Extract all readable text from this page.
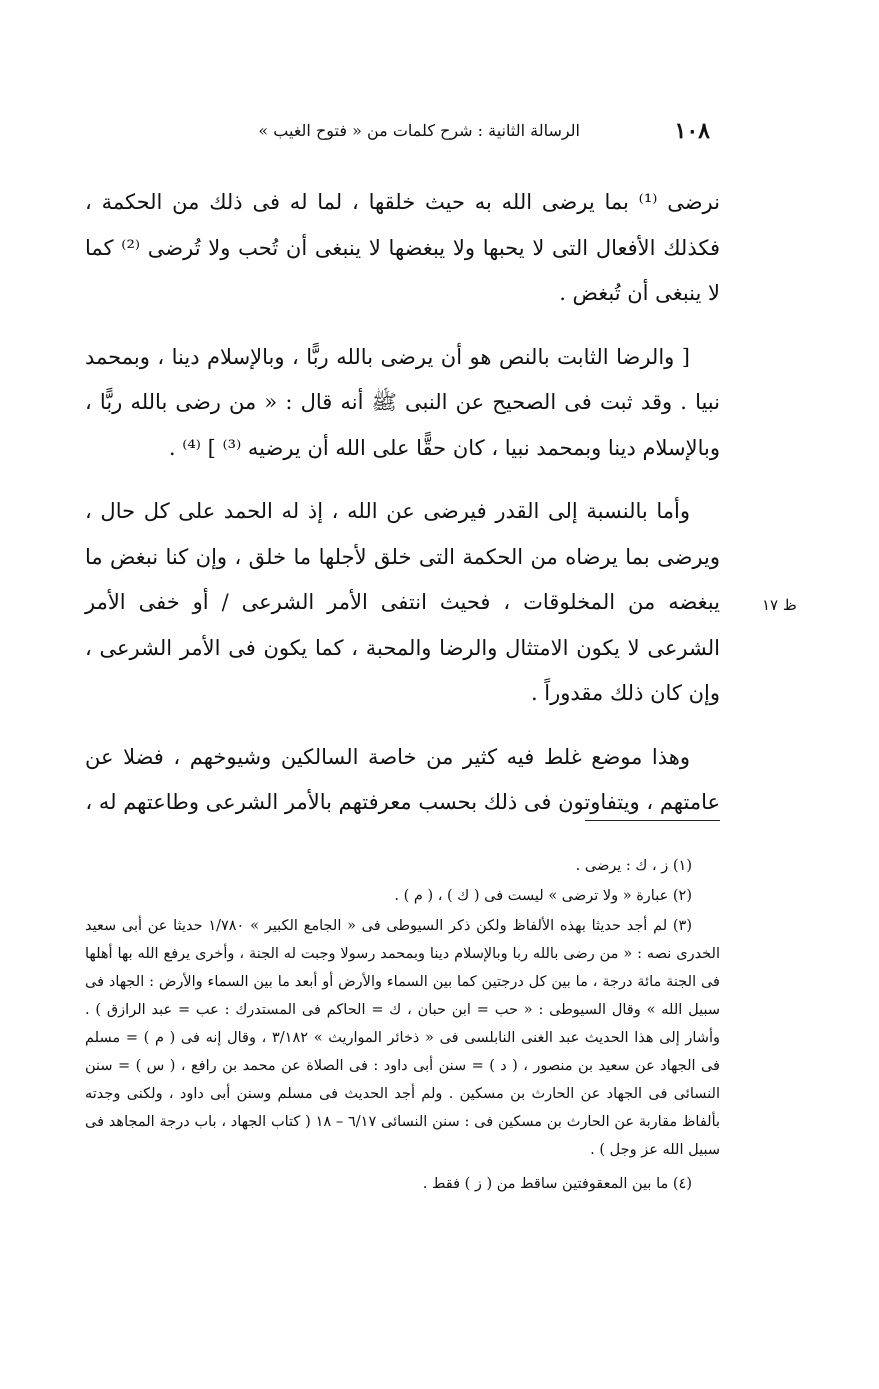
١٠٨
الرسالة الثانية : شرح كلمات من « فتوح الغيب »

نرضى ⁽¹⁾ بما يرضى الله به حيث خلقها ، لما له فى ذلك من الحكمة ، فكذلك الأفعال التى لا يحبها ولا يبغضها لا ينبغى أن تُحب ولا تُرضى ⁽²⁾ كما لا ينبغى أن تُبغض .

[ والرضا الثابت بالنص هو أن يرضى بالله ربًّا ، وبالإسلام دينا ، وبمحمد نبيا . وقد ثبت فى الصحيح عن النبى ﷺ أنه قال : « من رضى بالله ربًّا ، وبالإسلام دينا وبمحمد نبيا ، كان حقًّا على الله أن يرضيه ⁽³⁾ ] ⁽⁴⁾ .

وأما بالنسبة إلى القدر فيرضى عن الله ، إذ له الحمد على كل حال ، ويرضى بما يرضاه من الحكمة التى خلق لأجلها ما خلق ، وإن كنا نبغض ما يبغضه من المخلوقات ، فحيث انتفى الأمر الشرعى / أو خفى الأمر الشرعى لا يكون الامتثال والرضا والمحبة ، كما يكون فى الأمر الشرعى ، وإن كان ذلك مقدوراً .

وهذا موضع غلط فيه كثير من خاصة السالكين وشيوخهم ، فضلا عن عامتهم ، ويتفاوتون فى ذلك بحسب معرفتهم بالأمر الشرعى وطاعتهم له ،

ظ ١٧

(١) ز ، ك : يرضى .

(٢) عبارة « ولا ترضى » ليست فى ( ك ) ، ( م ) .

(٣) لم أجد حديثا بهذه الألفاظ ولكن ذكر السيوطى فى « الجامع الكبير » ١/٧٨٠ حديثا عن أبى سعيد الخدرى نصه : « من رضى بالله ربا وبالإسلام دينا وبمحمد رسولا وجبت له الجنة ، وأخرى يرفع الله بها أهلها فى الجنة مائة درجة ، ما بين كل درجتين كما بين السماء والأرض أو أبعد ما بين السماء والأرض : الجهاد فى سبيل الله » وقال السيوطى : « حب = ابن حبان ، ك = الحاكم فى المستدرك : عب = عبد الرازق ) . وأشار إلى هذا الحديث عبد الغنى النابلسى فى « ذخائر المواريث » ٣/١٨٢ ، وقال إنه فى ( م ) = مسلم فى الجهاد عن سعيد بن منصور ، ( د ) = سنن أبى داود : فى الصلاة عن محمد بن رافع ، ( س ) = سنن النسائى فى الجهاد عن الحارث بن مسكين . ولم أجد الحديث فى مسلم وسنن أبى داود ، ولكنى وجدته بألفاظ مقاربة عن الحارث بن مسكين فى : سنن النسائى ٦/١٧ – ١٨ ( كتاب الجهاد ، باب درجة المجاهد فى سبيل الله عز وجل ) .

(٤) ما بين المعقوفتين ساقط من ( ز ) فقط .
